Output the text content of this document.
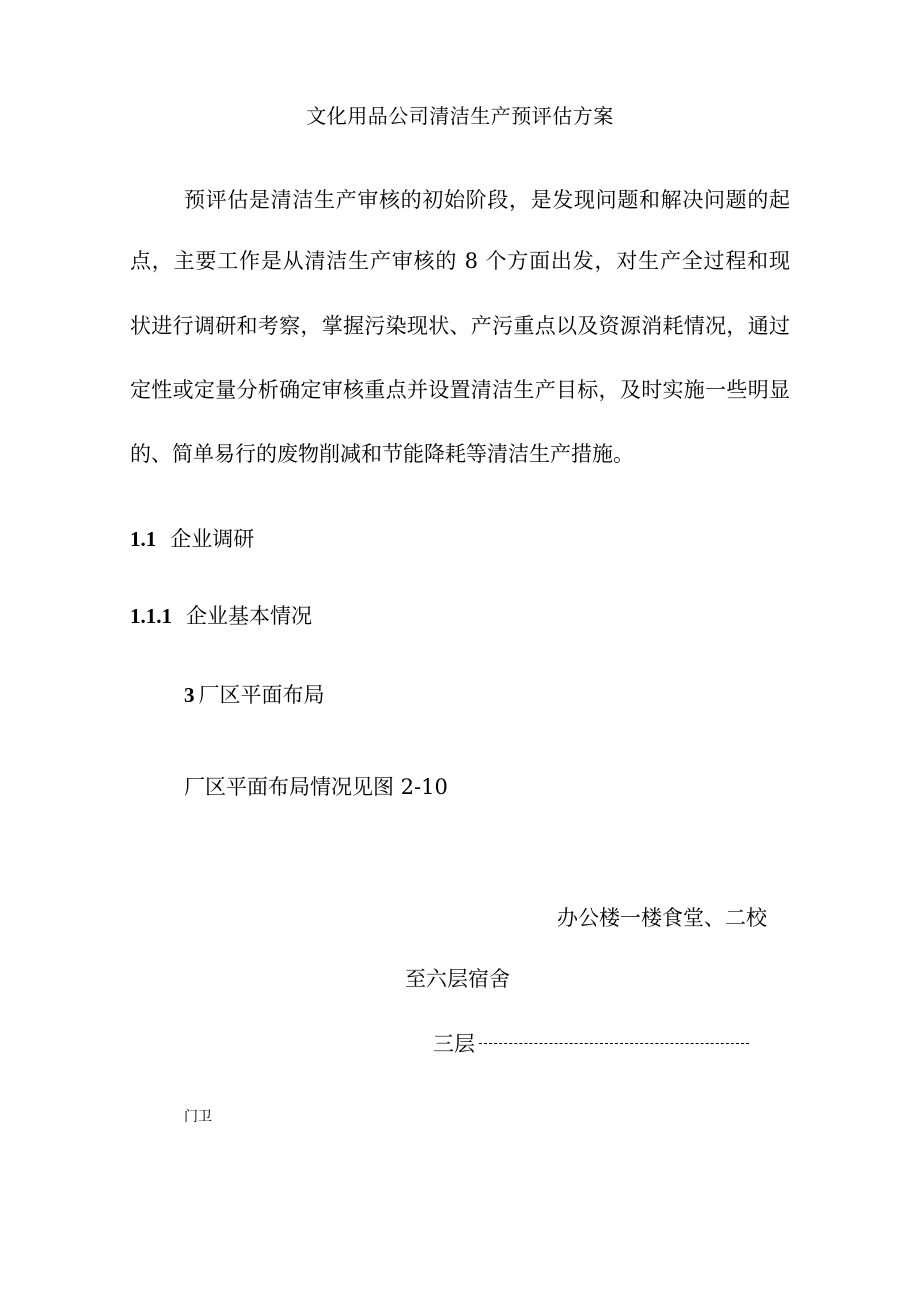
文化用品公司清洁生产预评估方案
预评估是清洁生产审核的初始阶段，是发现问题和解决问题的起
点，主要工作是从清洁生产审核的 8 个方面出发，对生产全过程和现
状进行调研和考察，掌握污染现状、产污重点以及资源消耗情况，通过
定性或定量分析确定审核重点并设置清洁生产目标，及时实施一些明显
的、简单易行的废物削减和节能降耗等清洁生产措施。
1.1 企业调研
1.1.1 企业基本情况
3 厂区平面布局
厂区平面布局情况见图 2-10
办公楼一楼食堂、二校
至六层宿舍
三层
门卫
